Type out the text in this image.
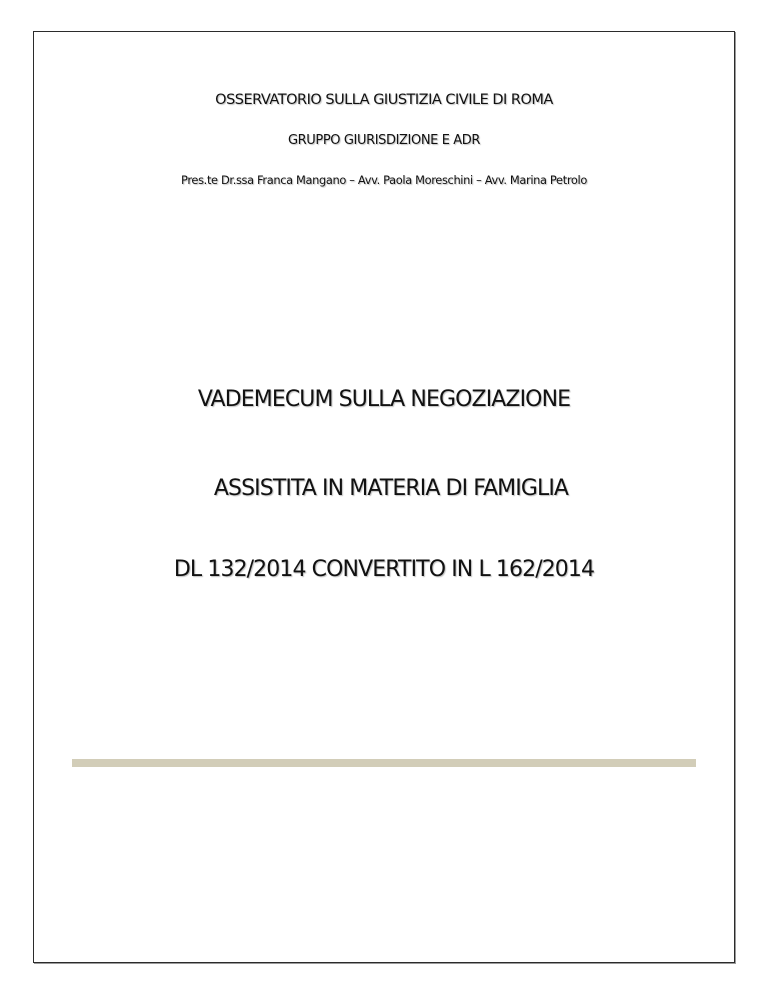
OSSERVATORIO SULLA GIUSTIZIA CIVILE DI ROMA
GRUPPO GIURISDIZIONE E ADR
Pres.te Dr.ssa Franca Mangano – Avv. Paola Moreschini – Avv. Marina Petrolo
VADEMECUM SULLA NEGOZIAZIONE
ASSISTITA IN MATERIA DI FAMIGLIA
DL 132/2014 CONVERTITO IN L 162/2014
